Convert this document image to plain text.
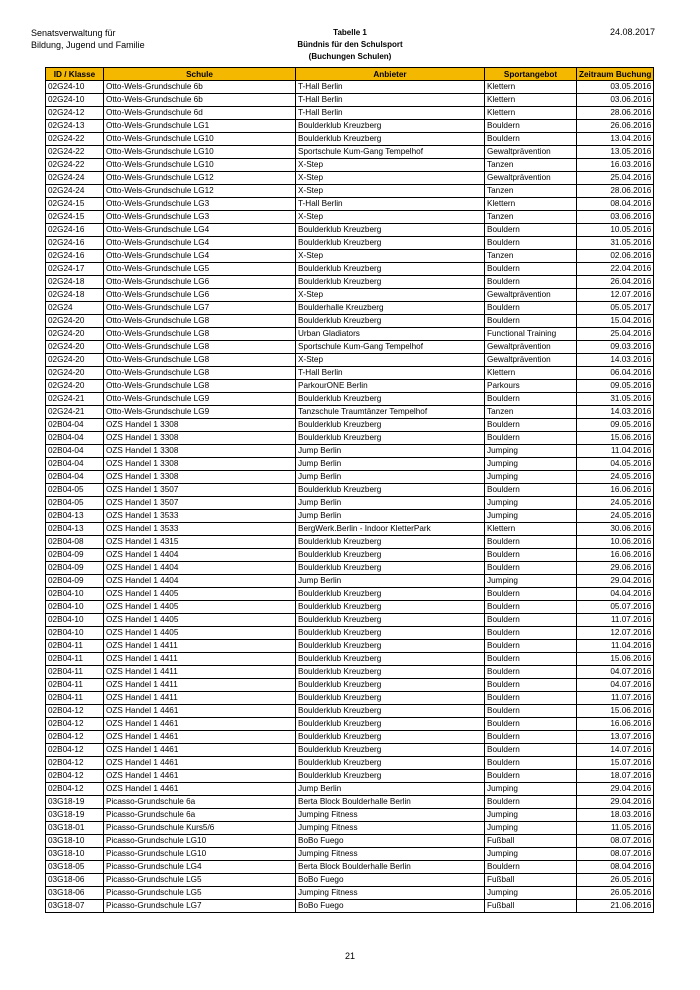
Senatsverwaltung für
Bildung, Jugend und Familie
Tabelle 1
Bündnis für den Schulsport
(Buchungen Schulen)
24.08.2017
ID / Klasse	Schule	Anbieter	Sportangebot	Zeitraum Buchung
02G24-10	Otto-Wels-Grundschule 6b	T-Hall Berlin	Klettern	03.05.2016
02G24-10	Otto-Wels-Grundschule 6b	T-Hall Berlin	Klettern	03.06.2016
02G24-12	Otto-Wels-Grundschule 6d	T-Hall Berlin	Klettern	28.06.2016
02G24-13	Otto-Wels-Grundschule LG1	Boulderklub Kreuzberg	Bouldern	26.06.2016
02G24-22	Otto-Wels-Grundschule LG10	Boulderklub Kreuzberg	Bouldern	13.04.2016
02G24-22	Otto-Wels-Grundschule LG10	Sportschule Kum-Gang Tempelhof	Gewaltprävention	13.05.2016
02G24-22	Otto-Wels-Grundschule LG10	X-Step	Tanzen	16.03.2016
02G24-24	Otto-Wels-Grundschule LG12	X-Step	Gewaltprävention	25.04.2016
02G24-24	Otto-Wels-Grundschule LG12	X-Step	Tanzen	28.06.2016
02G24-15	Otto-Wels-Grundschule LG3	T-Hall Berlin	Klettern	08.04.2016
02G24-15	Otto-Wels-Grundschule LG3	X-Step	Tanzen	03.06.2016
02G24-16	Otto-Wels-Grundschule LG4	Boulderklub Kreuzberg	Bouldern	10.05.2016
02G24-16	Otto-Wels-Grundschule LG4	Boulderklub Kreuzberg	Bouldern	31.05.2016
02G24-16	Otto-Wels-Grundschule LG4	X-Step	Tanzen	02.06.2016
02G24-17	Otto-Wels-Grundschule LG5	Boulderklub Kreuzberg	Bouldern	22.04.2016
02G24-18	Otto-Wels-Grundschule LG6	Boulderklub Kreuzberg	Bouldern	26.04.2016
02G24-18	Otto-Wels-Grundschule LG6	X-Step	Gewaltprävention	12.07.2016
02G24	Otto-Wels-Grundschule LG7	Boulderhalle Kreuzberg	Bouldern	05.05.2017
02G24-20	Otto-Wels-Grundschule LG8	Boulderklub Kreuzberg	Bouldern	15.04.2016
02G24-20	Otto-Wels-Grundschule LG8	Urban Gladiators	Functional Training	25.04.2016
02G24-20	Otto-Wels-Grundschule LG8	Sportschule Kum-Gang Tempelhof	Gewaltprävention	09.03.2016
02G24-20	Otto-Wels-Grundschule LG8	X-Step	Gewaltprävention	14.03.2016
02G24-20	Otto-Wels-Grundschule LG8	T-Hall Berlin	Klettern	06.04.2016
02G24-20	Otto-Wels-Grundschule LG8	ParkourONE Berlin	Parkours	09.05.2016
02G24-21	Otto-Wels-Grundschule LG9	Boulderklub Kreuzberg	Bouldern	31.05.2016
02G24-21	Otto-Wels-Grundschule LG9	Tanzschule Traumtänzer Tempelhof	Tanzen	14.03.2016
02B04-04	OZS Handel 1 3308	Boulderklub Kreuzberg	Bouldern	09.05.2016
02B04-04	OZS Handel 1 3308	Boulderklub Kreuzberg	Bouldern	15.06.2016
02B04-04	OZS Handel 1 3308	Jump Berlin	Jumping	11.04.2016
02B04-04	OZS Handel 1 3308	Jump Berlin	Jumping	04.05.2016
02B04-04	OZS Handel 1 3308	Jump Berlin	Jumping	24.05.2016
02B04-05	OZS Handel 1 3507	Boulderklub Kreuzberg	Bouldern	16.06.2016
02B04-05	OZS Handel 1 3507	Jump Berlin	Jumping	24.05.2016
02B04-13	OZS Handel 1 3533	Jump Berlin	Jumping	24.05.2016
02B04-13	OZS Handel 1 3533	BergWerk.Berlin - Indoor KletterPark	Klettern	30.06.2016
02B04-08	OZS Handel 1 4315	Boulderklub Kreuzberg	Bouldern	10.06.2016
02B04-09	OZS Handel 1 4404	Boulderklub Kreuzberg	Bouldern	16.06.2016
02B04-09	OZS Handel 1 4404	Boulderklub Kreuzberg	Bouldern	29.06.2016
02B04-09	OZS Handel 1 4404	Jump Berlin	Jumping	29.04.2016
02B04-10	OZS Handel 1 4405	Boulderklub Kreuzberg	Bouldern	04.04.2016
02B04-10	OZS Handel 1 4405	Boulderklub Kreuzberg	Bouldern	05.07.2016
02B04-10	OZS Handel 1 4405	Boulderklub Kreuzberg	Bouldern	11.07.2016
02B04-10	OZS Handel 1 4405	Boulderklub Kreuzberg	Bouldern	12.07.2016
02B04-11	OZS Handel 1 4411	Boulderklub Kreuzberg	Bouldern	11.04.2016
02B04-11	OZS Handel 1 4411	Boulderklub Kreuzberg	Bouldern	15.06.2016
02B04-11	OZS Handel 1 4411	Boulderklub Kreuzberg	Bouldern	04.07.2016
02B04-11	OZS Handel 1 4411	Boulderklub Kreuzberg	Bouldern	04.07.2016
02B04-11	OZS Handel 1 4411	Boulderklub Kreuzberg	Bouldern	11.07.2016
02B04-12	OZS Handel 1 4461	Boulderklub Kreuzberg	Bouldern	15.06.2016
02B04-12	OZS Handel 1 4461	Boulderklub Kreuzberg	Bouldern	16.06.2016
02B04-12	OZS Handel 1 4461	Boulderklub Kreuzberg	Bouldern	13.07.2016
02B04-12	OZS Handel 1 4461	Boulderklub Kreuzberg	Bouldern	14.07.2016
02B04-12	OZS Handel 1 4461	Boulderklub Kreuzberg	Bouldern	15.07.2016
02B04-12	OZS Handel 1 4461	Boulderklub Kreuzberg	Bouldern	18.07.2016
02B04-12	OZS Handel 1 4461	Jump Berlin	Jumping	29.04.2016
03G18-19	Picasso-Grundschule 6a	Berta Block Boulderhalle Berlin	Bouldern	29.04.2016
03G18-19	Picasso-Grundschule 6a	Jumping Fitness	Jumping	18.03.2016
03G18-01	Picasso-Grundschule Kurs5/6	Jumping Fitness	Jumping	11.05.2016
03G18-10	Picasso-Grundschule LG10	BoBo Fuego	Fußball	08.07.2016
03G18-10	Picasso-Grundschule LG10	Jumping Fitness	Jumping	08.07.2016
03G18-05	Picasso-Grundschule LG4	Berta Block Boulderhalle Berlin	Bouldern	08.04.2016
03G18-06	Picasso-Grundschule LG5	BoBo Fuego	Fußball	26.05.2016
03G18-06	Picasso-Grundschule LG5	Jumping Fitness	Jumping	26.05.2016
03G18-07	Picasso-Grundschule LG7	BoBo Fuego	Fußball	21.06.2016
21
